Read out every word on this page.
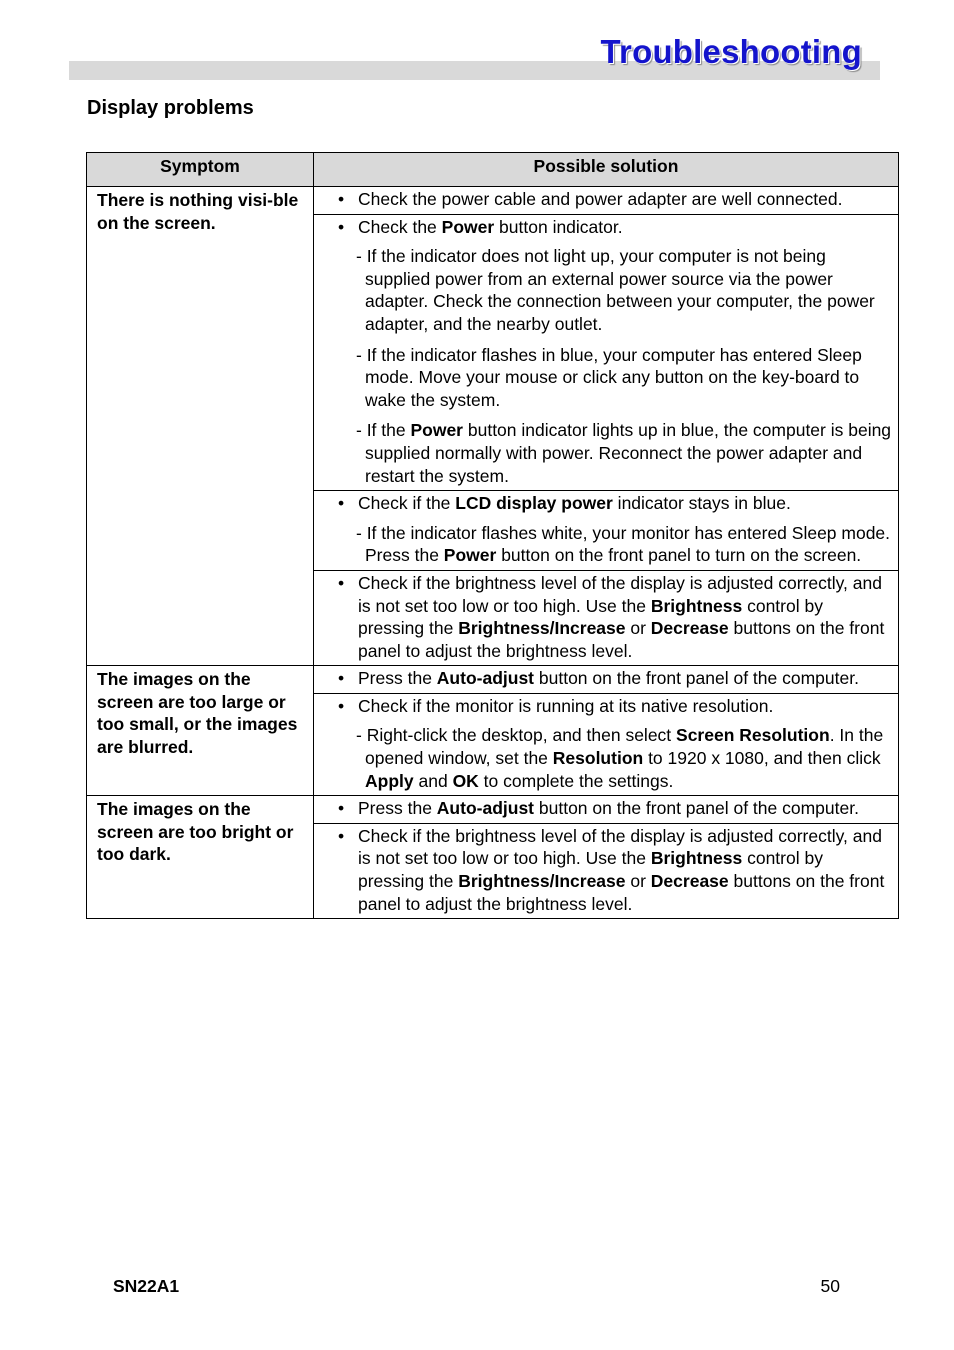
Troubleshooting
Display problems
Symptom	Possible solution
There is nothing visi-ble on the screen.	• Check the power cable and power adapter are well connected.

	• Check the Power button indicator.
- If the indicator does not light up, your computer is not being supplied power from an external power source via the power adapter. Check the connection between your computer, the power adapter, and the nearby outlet.
- If the indicator flashes in blue, your computer has entered Sleep mode. Move your mouse or click any button on the key-board to wake the system.
- If the Power button indicator lights up in blue, the computer is being supplied normally with power. Reconnect the power adapter and restart the system.

	• Check if the LCD display power indicator stays in blue.
- If the indicator flashes white, your monitor has entered Sleep mode. Press the Power button on the front panel to turn on the screen.

	• Check if the brightness level of the display is adjusted correctly, and is not set too low or too high. Use the Brightness control by pressing the Brightness/Increase or Decrease buttons on the front panel to adjust the brightness level.

The images on the screen are too large or too small, or the images are blurred.	• Press the Auto-adjust button on the front panel of the computer.

	• Check if the monitor is running at its native resolution.
- Right-click the desktop, and then select Screen Resolution. In the opened window, set the Resolution to 1920 x 1080, and then click Apply and OK to complete the settings.

The images on the screen are too bright or too dark.	• Press the Auto-adjust button on the front panel of the computer.

	• Check if the brightness level of the display is adjusted correctly, and is not set too low or too high. Use the Brightness control by pressing the Brightness/Increase or Decrease buttons on the front panel to adjust the brightness level.
SN22A1	50
